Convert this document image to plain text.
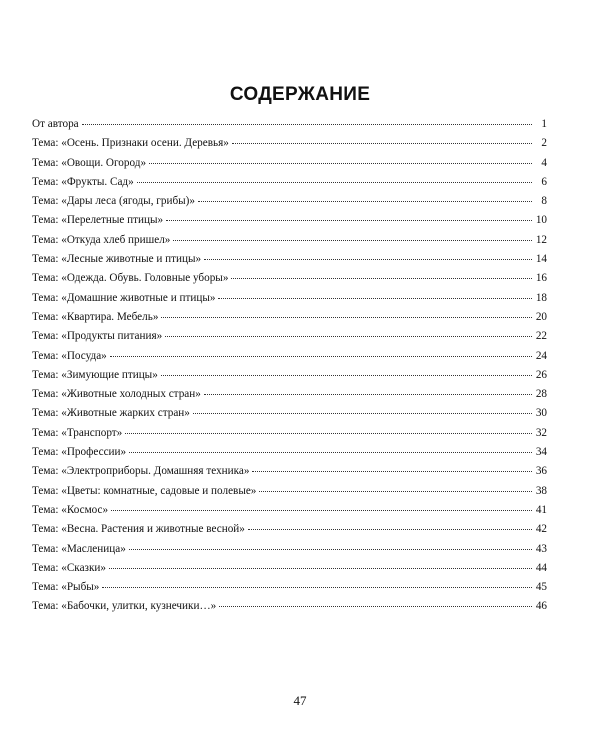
СОДЕРЖАНИЕ
От автора	1
Тема: «Осень. Признаки осени. Деревья»	2
Тема: «Овощи. Огород»	4
Тема: «Фрукты. Сад»	6
Тема: «Дары леса (ягоды, грибы)»	8
Тема: «Перелетные птицы»	10
Тема: «Откуда хлеб пришел»	12
Тема: «Лесные животные и птицы»	14
Тема: «Одежда. Обувь. Головные уборы»	16
Тема: «Домашние животные и птицы»	18
Тема: «Квартира. Мебель»	20
Тема: «Продукты питания»	22
Тема: «Посуда»	24
Тема: «Зимующие птицы»	26
Тема: «Животные холодных стран»	28
Тема: «Животные жарких стран»	30
Тема: «Транспорт»	32
Тема: «Профессии»	34
Тема: «Электроприборы. Домашняя техника»	36
Тема: «Цветы: комнатные, садовые и полевые»	38
Тема: «Космос»	41
Тема: «Весна. Растения и животные весной»	42
Тема: «Масленица»	43
Тема: «Сказки»	44
Тема: «Рыбы»	45
Тема: «Бабочки, улитки, кузнечики…»	46
47
